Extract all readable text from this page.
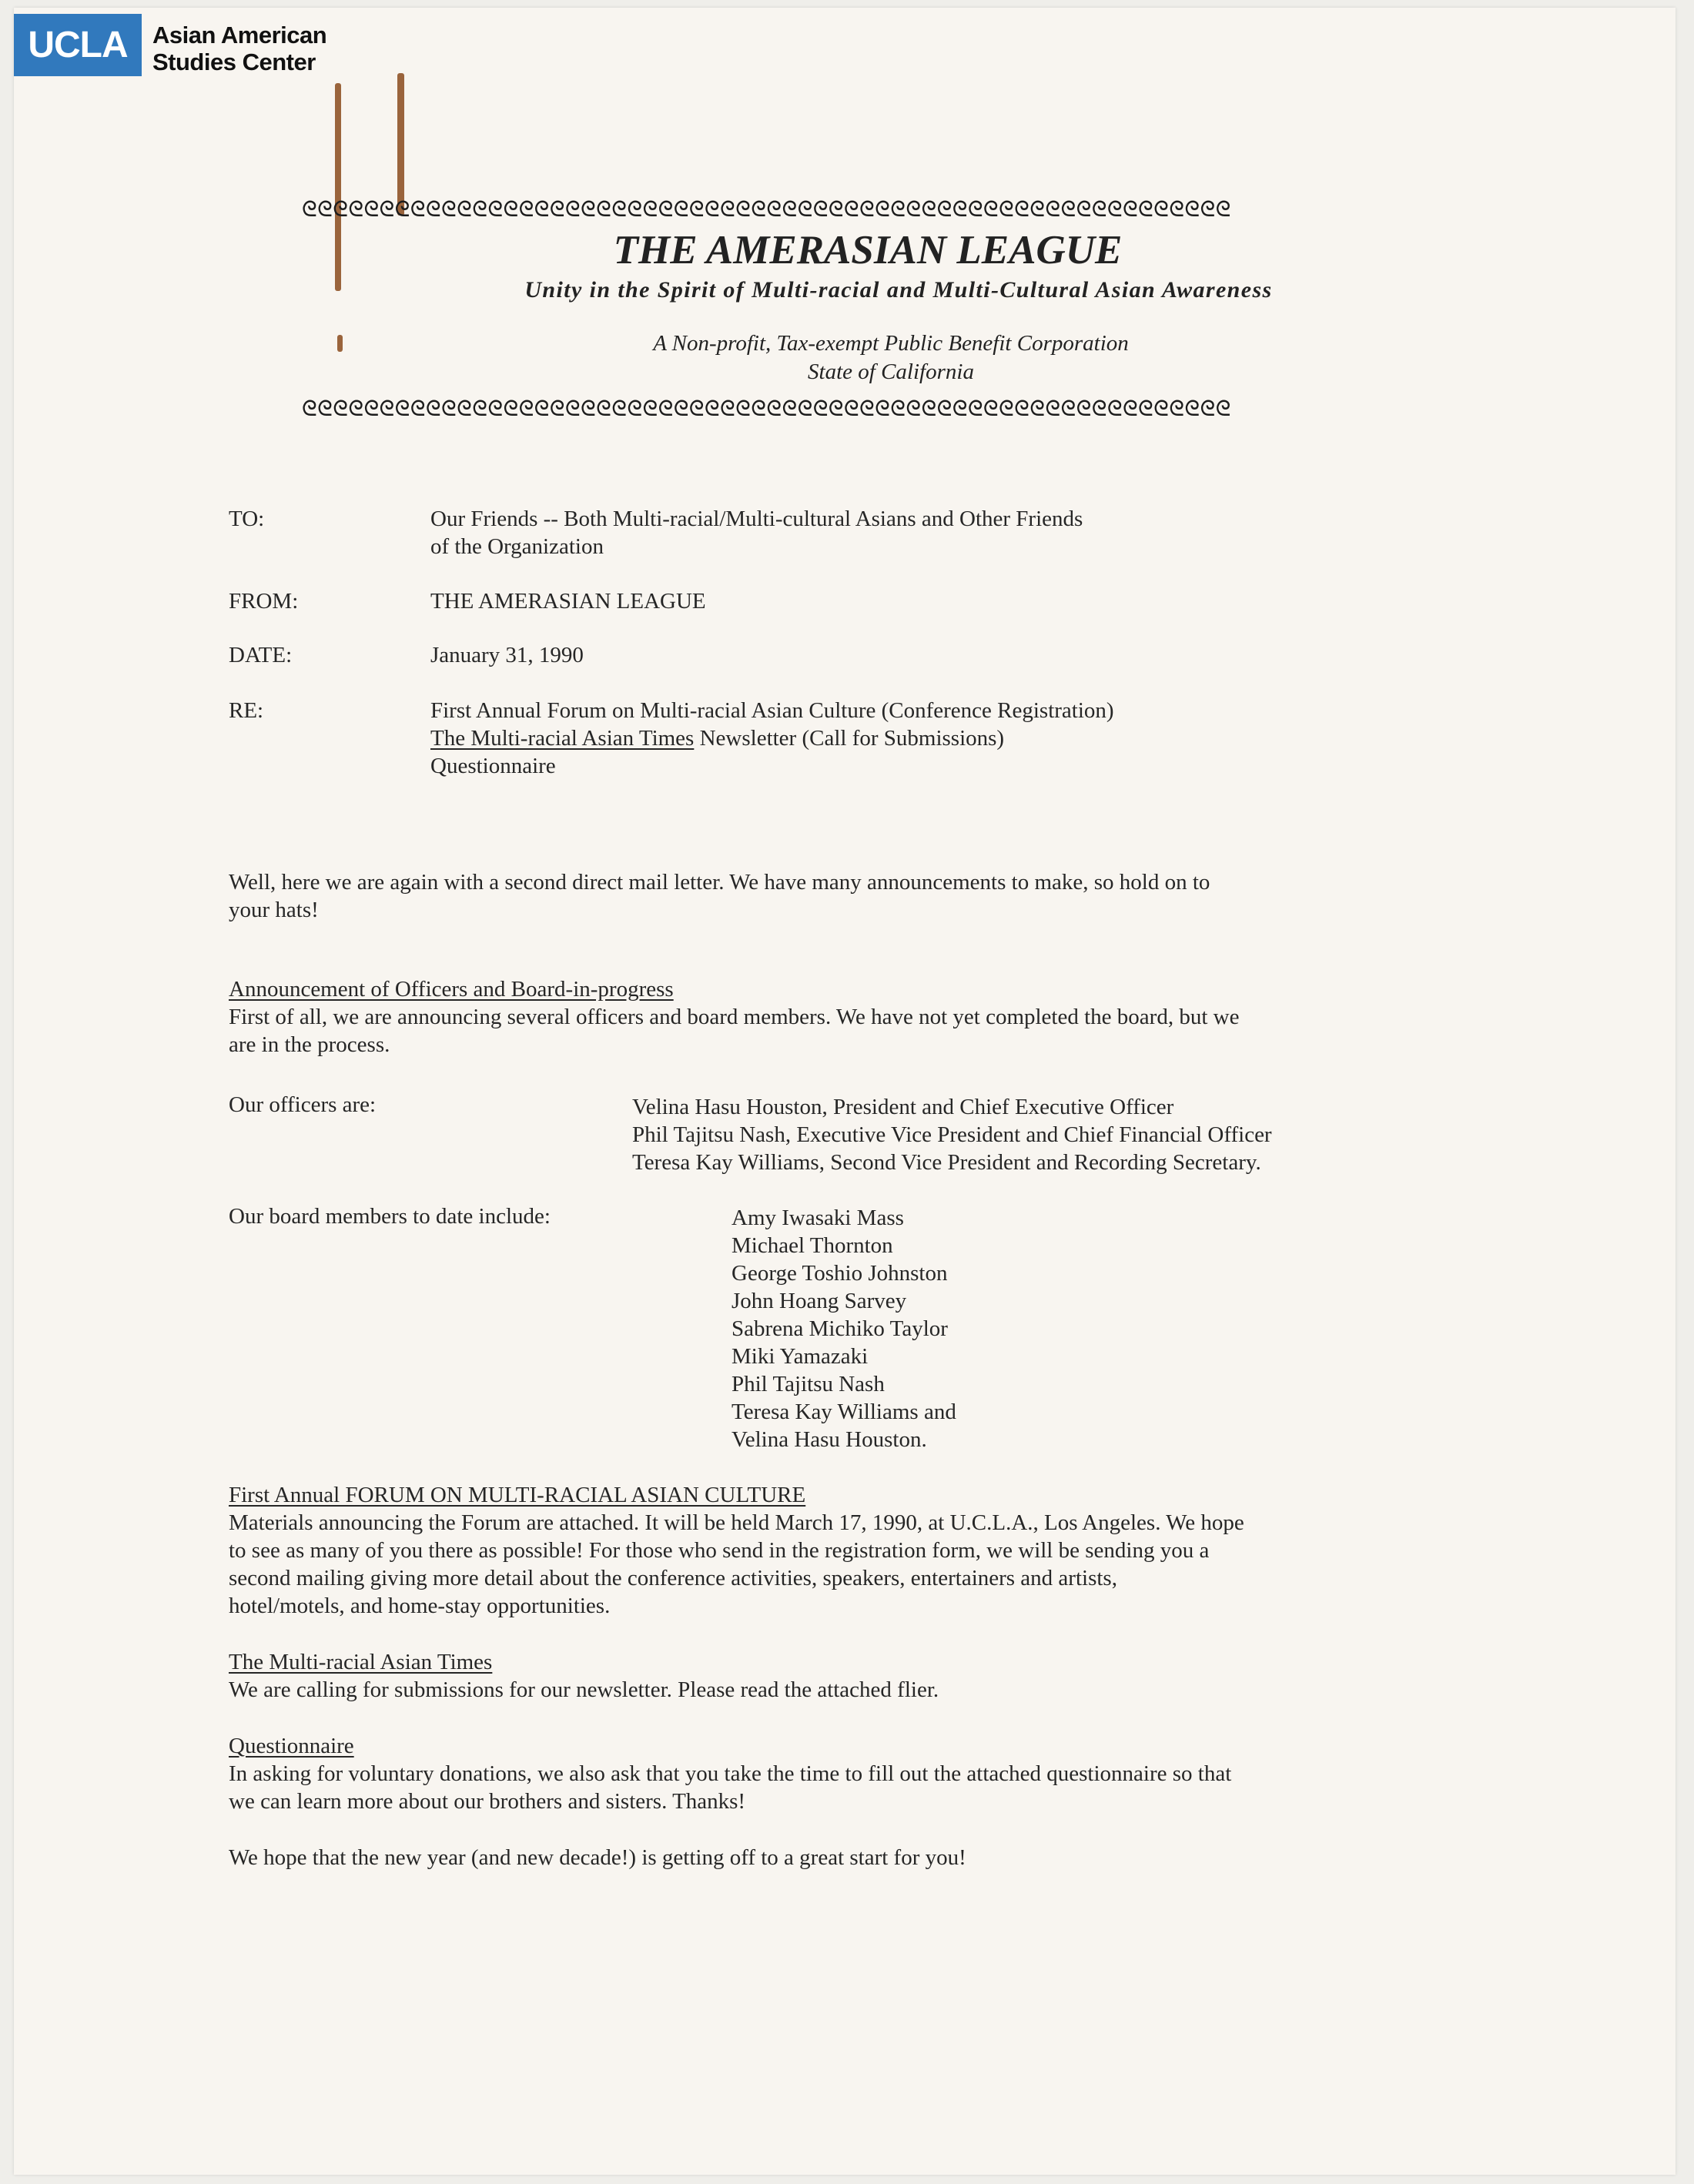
UCLA	Asian American
Studies Center
ᘓᘓᘓᘓᘓᘓᘓᘓᘓᘓᘓᘓᘓᘓᘓᘓᘓᘓᘓᘓᘓᘓᘓᘓᘓᘓᘓᘓᘓᘓᘓᘓᘓᘓᘓᘓᘓᘓᘓᘓᘓᘓᘓᘓᘓᘓᘓᘓᘓᘓᘓᘓᘓᘓᘓᘓᘓᘓᘓᘓ
THE AMERASIAN LEAGUE
Unity in the Spirit of Multi-racial and Multi-Cultural Asian Awareness
A Non-profit, Tax-exempt Public Benefit Corporation
State of California
ᘓᘓᘓᘓᘓᘓᘓᘓᘓᘓᘓᘓᘓᘓᘓᘓᘓᘓᘓᘓᘓᘓᘓᘓᘓᘓᘓᘓᘓᘓᘓᘓᘓᘓᘓᘓᘓᘓᘓᘓᘓᘓᘓᘓᘓᘓᘓᘓᘓᘓᘓᘓᘓᘓᘓᘓᘓᘓᘓᘓ
TO:	Our Friends -- Both Multi-racial/Multi-cultural Asians and Other Friends
of the Organization
FROM:	THE AMERASIAN LEAGUE
DATE:	January 31, 1990
RE:	First Annual Forum on Multi-racial Asian Culture (Conference Registration)
The Multi-racial Asian Times Newsletter (Call for Submissions)
Questionnaire
Well, here we are again with a second direct mail letter. We have many announcements to make, so hold on to
your hats!
Announcement of Officers and Board-in-progress
First of all, we are announcing several officers and board members. We have not yet completed the board, but we
are in the process.
Our officers are:	Velina Hasu Houston, President and Chief Executive Officer
Phil Tajitsu Nash, Executive Vice President and Chief Financial Officer
Teresa Kay Williams, Second Vice President and Recording Secretary.
Our board members to date include:	Amy Iwasaki Mass
Michael Thornton
George Toshio Johnston
John Hoang Sarvey
Sabrena Michiko Taylor
Miki Yamazaki
Phil Tajitsu Nash
Teresa Kay Williams and
Velina Hasu Houston.
First Annual FORUM ON MULTI-RACIAL ASIAN CULTURE
Materials announcing the Forum are attached. It will be held March 17, 1990, at U.C.L.A., Los Angeles. We hope
to see as many of you there as possible! For those who send in the registration form, we will be sending you a
second mailing giving more detail about the conference activities, speakers, entertainers and artists,
hotel/motels, and home-stay opportunities.
The Multi-racial Asian Times
We are calling for submissions for our newsletter. Please read the attached flier.
Questionnaire
In asking for voluntary donations, we also ask that you take the time to fill out the attached questionnaire so that
we can learn more about our brothers and sisters. Thanks!
We hope that the new year (and new decade!) is getting off to a great start for you!
